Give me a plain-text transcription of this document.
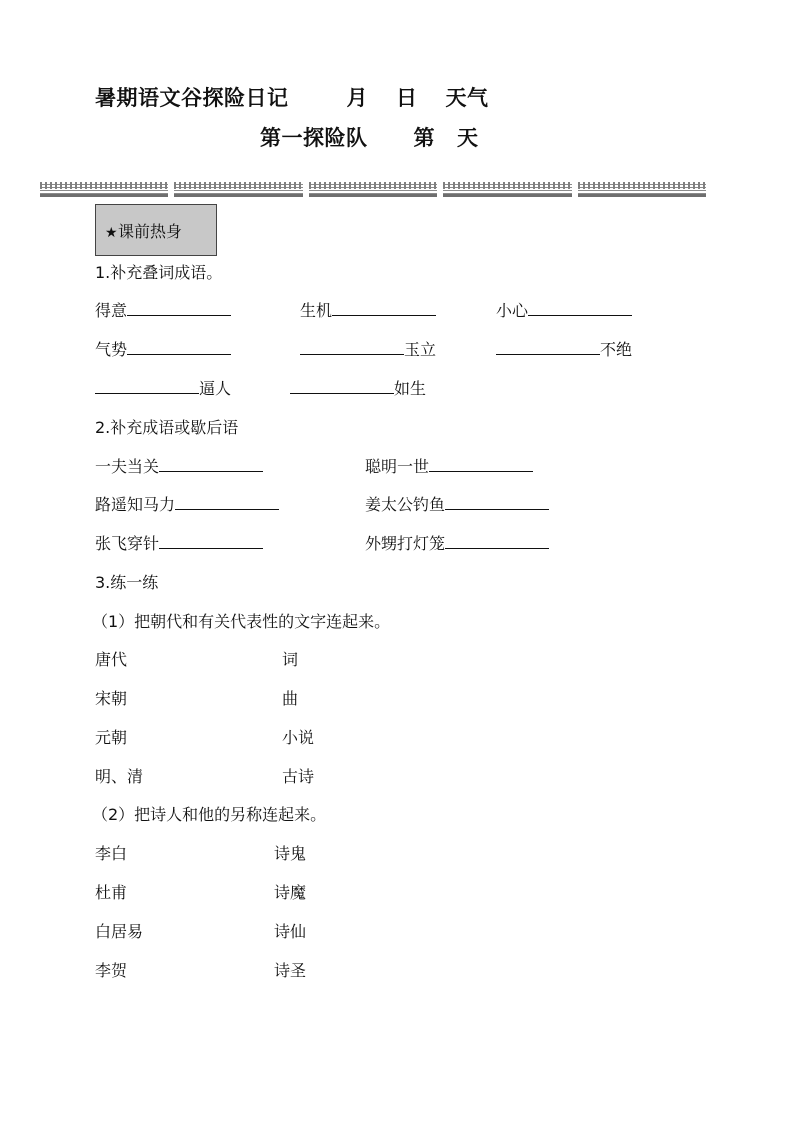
暑期语文谷探险日记	月 日 天气
第一探险队 第 天
★ 课前热身
1.补充叠词成语。
得意	生机	小心
气势	玉立	不绝
逼人	如生
2.补充成语或歇后语
一夫当关	聪明一世
路遥知马力	姜太公钓鱼
张飞穿针	外甥打灯笼
3.练一练
（1）把朝代和有关代表性的文字连起来。
唐代	词
宋朝	曲
元朝	小说
明、清	古诗
（2）把诗人和他的另称连起来。
李白	诗鬼
杜甫	诗魔
白居易	诗仙
李贺	诗圣
